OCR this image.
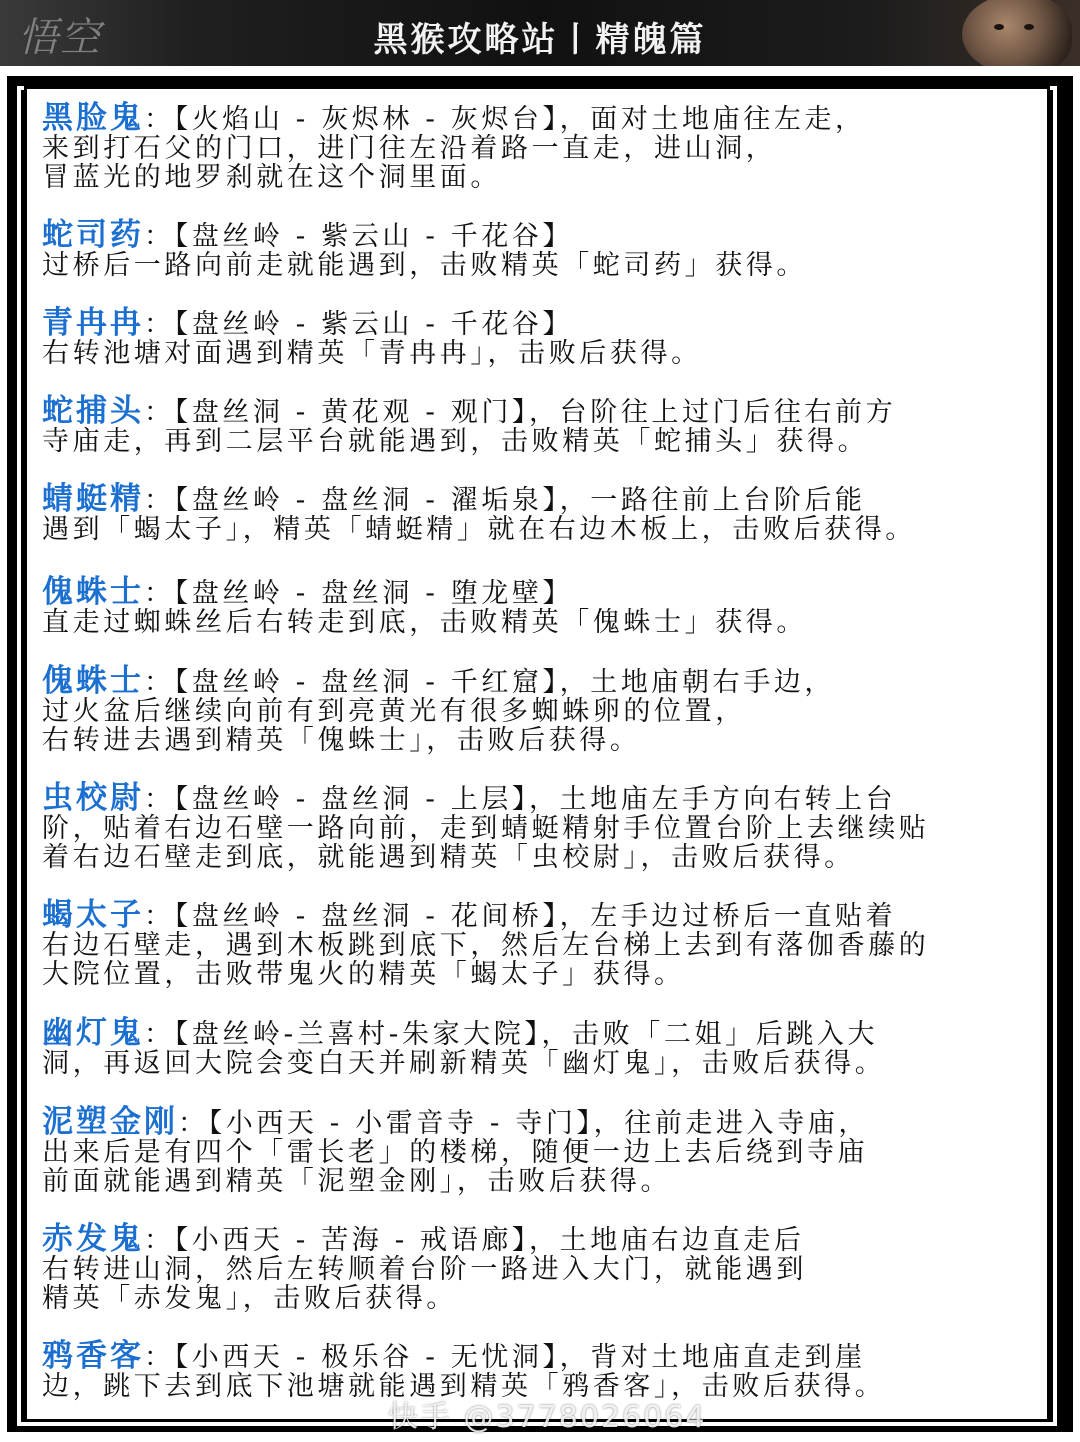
悟空	黑猴攻略站丨精魄篇
黑脸鬼：【火焰山 - 灰烬林 - 灰烬台】，面对土地庙往左走，
来到打石父的门口，进门往左沿着路一直走，进山洞，
冒蓝光的地罗刹就在这个洞里面。
蛇司药：【盘丝岭 - 紫云山 - 千花谷】
过桥后一路向前走就能遇到，击败精英「蛇司药」获得。
青冉冉：【盘丝岭 - 紫云山 - 千花谷】
右转池塘对面遇到精英「青冉冉」，击败后获得。
蛇捕头：【盘丝洞 - 黄花观 - 观门】，台阶往上过门后往右前方
寺庙走，再到二层平台就能遇到，击败精英「蛇捕头」获得。
蜻蜓精：【盘丝岭 - 盘丝洞 - 濯垢泉】，一路往前上台阶后能
遇到「蝎太子」，精英「蜻蜓精」就在右边木板上，击败后获得。
傀蛛士：【盘丝岭 - 盘丝洞 - 堕龙壁】
直走过蜘蛛丝后右转走到底，击败精英「傀蛛士」获得。
傀蛛士：【盘丝岭 - 盘丝洞 - 千红窟】，土地庙朝右手边，
过火盆后继续向前有到亮黄光有很多蜘蛛卵的位置，
右转进去遇到精英「傀蛛士」，击败后获得。
虫校尉：【盘丝岭 - 盘丝洞 - 上层】，土地庙左手方向右转上台
阶，贴着右边石壁一路向前，走到蜻蜓精射手位置台阶上去继续贴
着右边石壁走到底，就能遇到精英「虫校尉」，击败后获得。
蝎太子：【盘丝岭 - 盘丝洞 - 花间桥】，左手边过桥后一直贴着
右边石壁走，遇到木板跳到底下，然后左台梯上去到有落伽香藤的
大院位置，击败带鬼火的精英「蝎太子」获得。
幽灯鬼：【盘丝岭-兰喜村-朱家大院】，击败「二姐」后跳入大
洞，再返回大院会变白天并刷新精英「幽灯鬼」，击败后获得。
泥塑金刚：【小西天 - 小雷音寺 - 寺门】，往前走进入寺庙，
出来后是有四个「雷长老」的楼梯，随便一边上去后绕到寺庙
前面就能遇到精英「泥塑金刚」，击败后获得。
赤发鬼：【小西天 - 苦海 - 戒语廊】，土地庙右边直走后
右转进山洞，然后左转顺着台阶一路进入大门，就能遇到
精英「赤发鬼」，击败后获得。
鸦香客：【小西天 - 极乐谷 - 无忧洞】，背对土地庙直走到崖
边，跳下去到底下池塘就能遇到精英「鸦香客」，击败后获得。
快手 @3778026064
